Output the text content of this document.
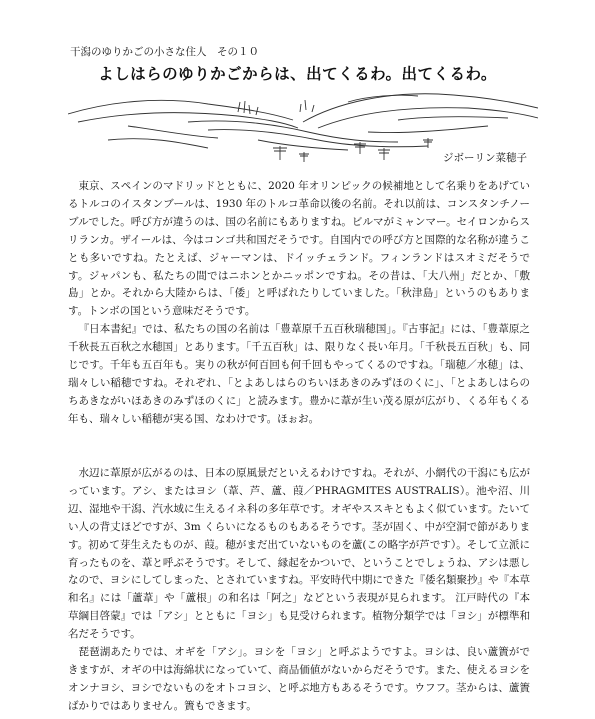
干潟のゆりかごの小さな住人　その１０
よしはらのゆりかごからは、出てくるわ。出てくるわ。
ジボーリン菜穂子

東京、スペインのマドリッドとともに、2020 年オリンピックの候補地として名乗りをあげているトルコのイスタンブールは、1930 年のトルコ革命以後の名前。それ以前は、コンスタンチノーブルでした。呼び方が違うのは、国の名前にもありますね。ビルマがミャンマー。セイロンからスリランカ。ザイールは、今はコンゴ共和国だそうです。自国内での呼び方と国際的な名称が違うことも多いですね。たとえば、ジャーマンは、ドイッチェランド。フィンランドはスオミだそうです。ジャパンも、私たちの間ではニホンとかニッポンですね。その昔は、「大八州」だとか、「敷島」とか。それから大陸からは、「倭」と呼ばれたりしていました。「秋津島」というのもあります。トンボの国という意味だそうです。

『日本書紀』では、私たちの国の名前は「豊葦原千五百秋瑞穂国」。『古事記』には、「豊葦原之千秋長五百秋之水穂国」とあります。「千五百秋」は、限りなく長い年月。「千秋長五百秋」も、同じです。千年も五百年も。実りの秋が何百回も何千回もやってくるのですね。「瑞穂／水穂」は、瑞々しい稲穂ですね。それぞれ、「とよあしはらのちいほあきのみずほのくに」、「とよあしはらのちあきながいほあきのみずほのくに」と読みます。豊かに葦が生い茂る原が広がり、くる年もくる年も、瑞々しい稲穂が実る国、なわけです。ほぉお。

水辺に葦原が広がるのは、日本の原風景だといえるわけですね。それが、小網代の干潟にも広がっています。アシ、またはヨシ（葦、芦、蘆、葭／PHRAGMITES AUSTRALIS）。池や沼、川辺、湿地や干潟、汽水域に生えるイネ科の多年草です。オギやススキともよく似ています。たいてい人の背丈ほどですが、3m くらいになるものもあるそうです。茎が固く、中が空洞で節があります。初めて芽生えたものが、葭。穂がまだ出ていないものを蘆(この略字が芦です）。そして立派に育ったものを、葦と呼ぶそうです。そして、縁起をかついで、ということでしょうね、アシは悪しなので、ヨシにしてしまった、とされていますね。平安時代中期にできた『倭名類聚抄』や『本草和名』には「蘆葦」や「蘆根」の和名は「阿之」などという表現が見られます。 江戸時代の『本草綱目啓蒙』では「アシ」とともに「ヨシ」も見受けられます。植物分類学では「ヨシ」が標準和名だそうです。

琵琶湖あたりでは、オギを「アシ」。ヨシを「ヨシ」と呼ぶようですよ。ヨシは、良い蘆簀ができますが、オギの中は海綿状になっていて、商品価値がないからだそうです。また、使えるヨシをオンナヨシ、ヨシでないものをオトコヨシ、と呼ぶ地方もあるそうです。ウフフ。茎からは、蘆簀ばかりではありません。簀もできます。
